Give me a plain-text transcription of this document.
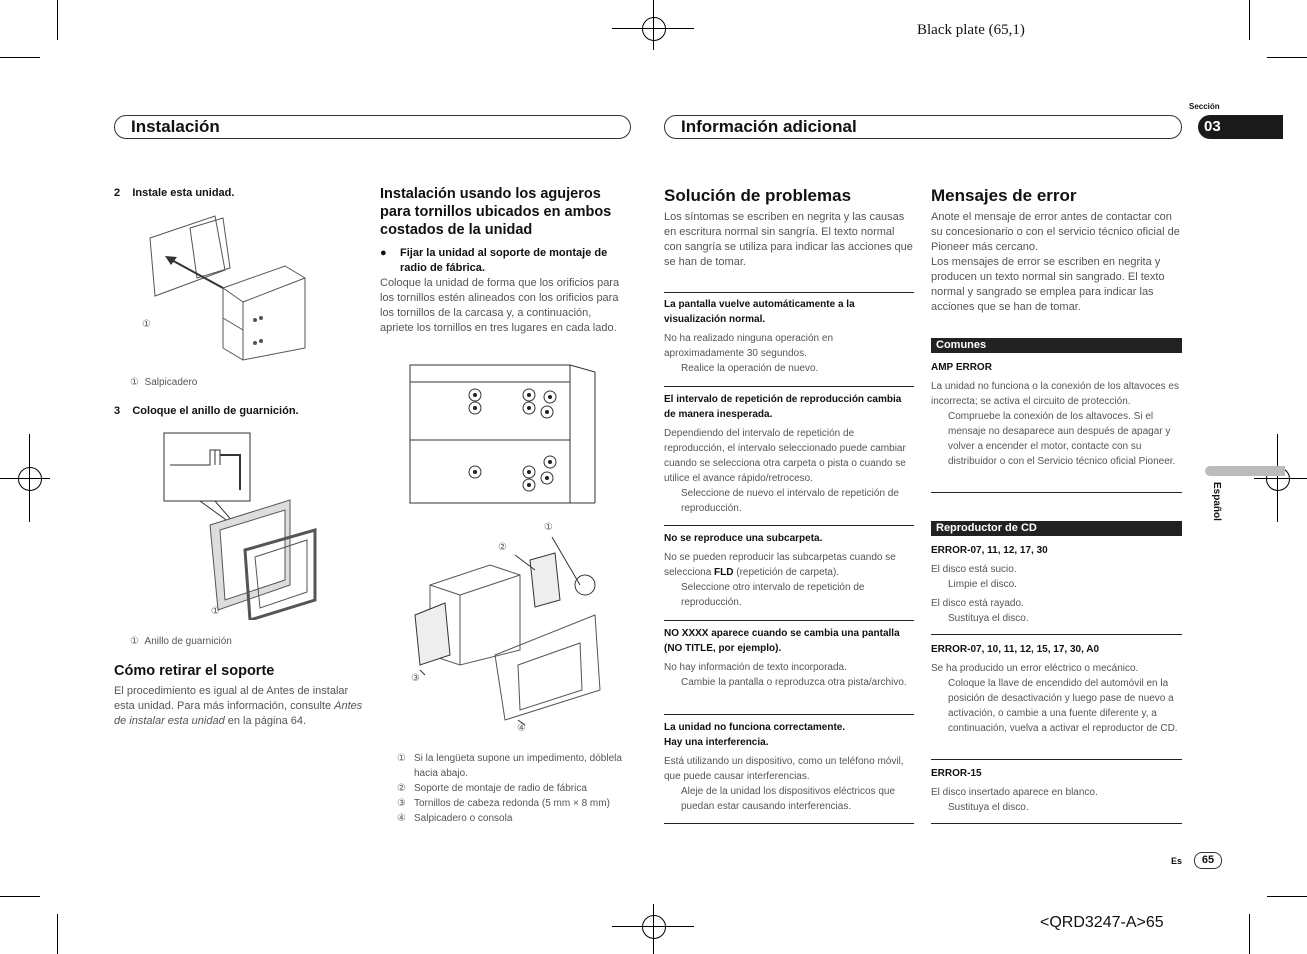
Black plate (65,1)
<QRD3247-A>65
Sección
03
Español
Instalación	Información adicional
2 Instale esta unidad.
①
① Salpicadero
3 Coloque el anillo de guarnición.
①
① Anillo de guarnición
Cómo retirar el soporte
El procedimiento es igual al de Antes de instalar esta unidad. Para más información, consulte Antes de instalar esta unidad en la página 64.
Instalación usando los agujeros para tornillos ubicados en ambos costados de la unidad

● Fijar la unidad al soporte de montaje de radio de fábrica.

Coloque la unidad de forma que los orificios para los tornillos estén alineados con los orificios para los tornillos de la carcasa y, a continuación, apriete los tornillos en tres lugares en cada lado.

①
②
③
④
① Si la lengüeta supone un impedimento, dóblela hacia abajo.
② Soporte de montaje de radio de fábrica
③ Tornillos de cabeza redonda (5 mm × 8 mm)
④ Salpicadero o consola
Solución de problemas
Los síntomas se escriben en negrita y las causas en escritura normal sin sangría. El texto normal con sangría se utiliza para indicar las acciones que se han de tomar.

La pantalla vuelve automáticamente a la visualización normal.

No ha realizado ninguna operación en aproximadamente 30 segundos.

Realice la operación de nuevo.

El intervalo de repetición de reproducción cambia de manera inesperada.

Dependiendo del intervalo de repetición de reproducción, el intervalo seleccionado puede cambiar cuando se selecciona otra carpeta o pista o cuando se utilice el avance rápido/retroceso.

Seleccione de nuevo el intervalo de repetición de reproducción.

No se reproduce una subcarpeta.

No se pueden reproducir las subcarpetas cuando se selecciona FLD (repetición de carpeta).

Seleccione otro intervalo de repetición de reproducción.

NO XXXX aparece cuando se cambia una pantalla (NO TITLE, por ejemplo).

No hay información de texto incorporada.

Cambie la pantalla o reproduzca otra pista/archivo.

La unidad no funciona correctamente.

Hay una interferencia.

Está utilizando un dispositivo, como un teléfono móvil, que puede causar interferencias.

Aleje de la unidad los dispositivos eléctricos que puedan estar causando interferencias.

Mensajes de error

Anote el mensaje de error antes de contactar con su concesionario o con el servicio técnico oficial de Pioneer más cercano.

Los mensajes de error se escriben en negrita y producen un texto normal sin sangrado. El texto normal y sangrado se emplea para indicar las acciones que se han de tomar.

Comunes

AMP ERROR

La unidad no funciona o la conexión de los altavoces es incorrecta; se activa el circuito de protección.

Compruebe la conexión de los altavoces. Si el mensaje no desaparece aun después de apagar y volver a encender el motor, contacte con su distribuidor o con el Servicio técnico oficial Pioneer.

Reproductor de CD

ERROR-07, 11, 12, 17, 30

El disco está sucio.

Limpie el disco.

El disco está rayado.

Sustituya el disco.

ERROR-07, 10, 11, 12, 15, 17, 30, A0

Se ha producido un error eléctrico o mecánico.

Coloque la llave de encendido del automóvil en la posición de desactivación y luego pase de nuevo a activación, o cambie a una fuente diferente y, a continuación, vuelva a activar el reproductor de CD.

ERROR-15

El disco insertado aparece en blanco.

Sustituya el disco.

Es	65
